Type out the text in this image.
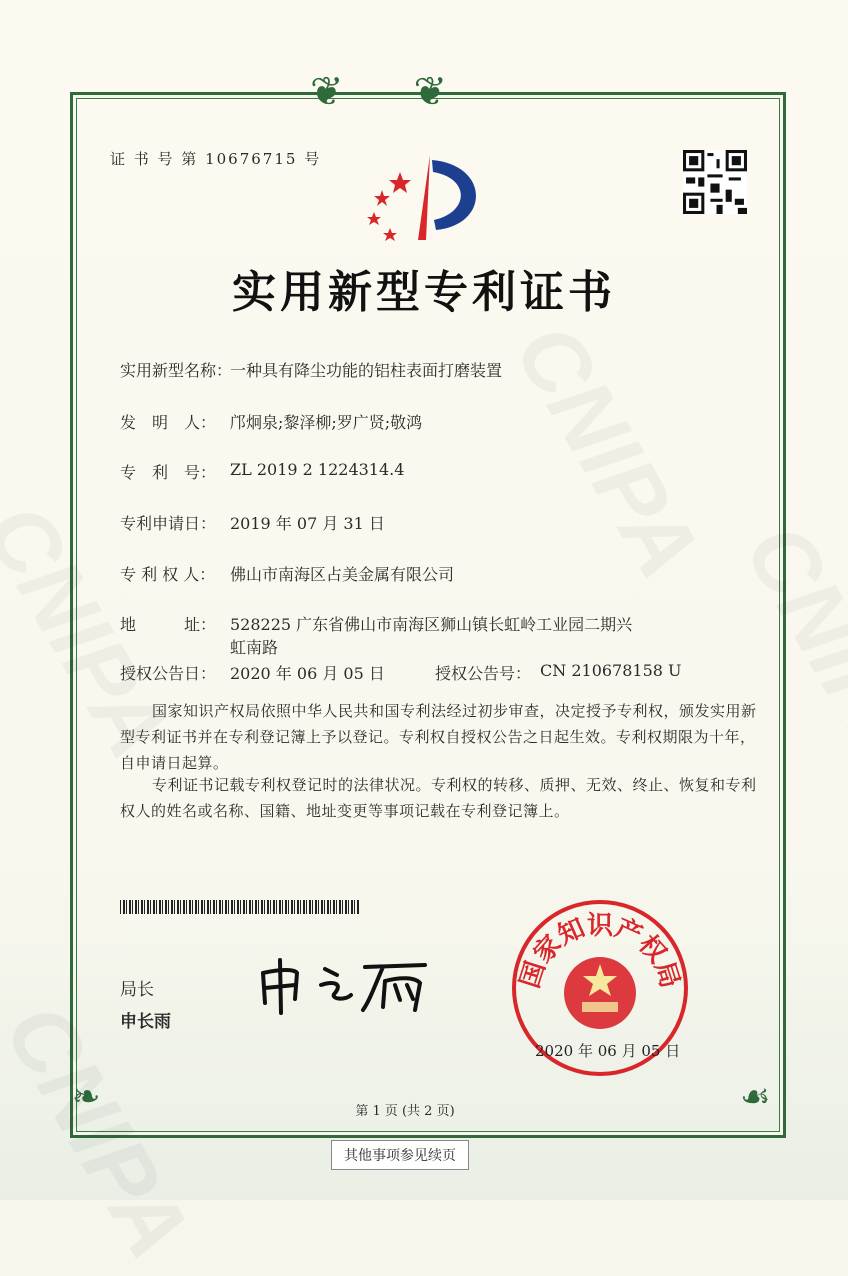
❦❦
❧	☙
证 书 号 第 10676715 号
实用新型专利证书
实用新型名称：
一种具有降尘功能的铝柱表面打磨装置
发　明　人： 邝炯泉;黎泽柳;罗广贤;敬鸿
专　利　号： ZL 2019 2 1224314.4
专利申请日： 2019 年 07 月 31 日
专 利 权 人： 佛山市南海区占美金属有限公司
地　　　址： 528225 广东省佛山市南海区狮山镇长虹岭工业园二期兴
虹南路
授权公告日： 2020 年 06 月 05 日	授权公告号： CN 210678158 U
国家知识产权局依照中华人民共和国专利法经过初步审查，决定授予专利权，颁发实用新型专利证书并在专利登记簿上予以登记。专利权自授权公告之日起生效。专利权期限为十年，自申请日起算。
专利证书记载专利权登记时的法律状况。专利权的转移、质押、无效、终止、恢复和专利权人的姓名或名称、国籍、地址变更等事项记载在专利登记簿上。
局长
申长雨
国家知识产权局
2020 年 06 月 05 日
第 1 页 (共 2 页)
其他事项参见续页
